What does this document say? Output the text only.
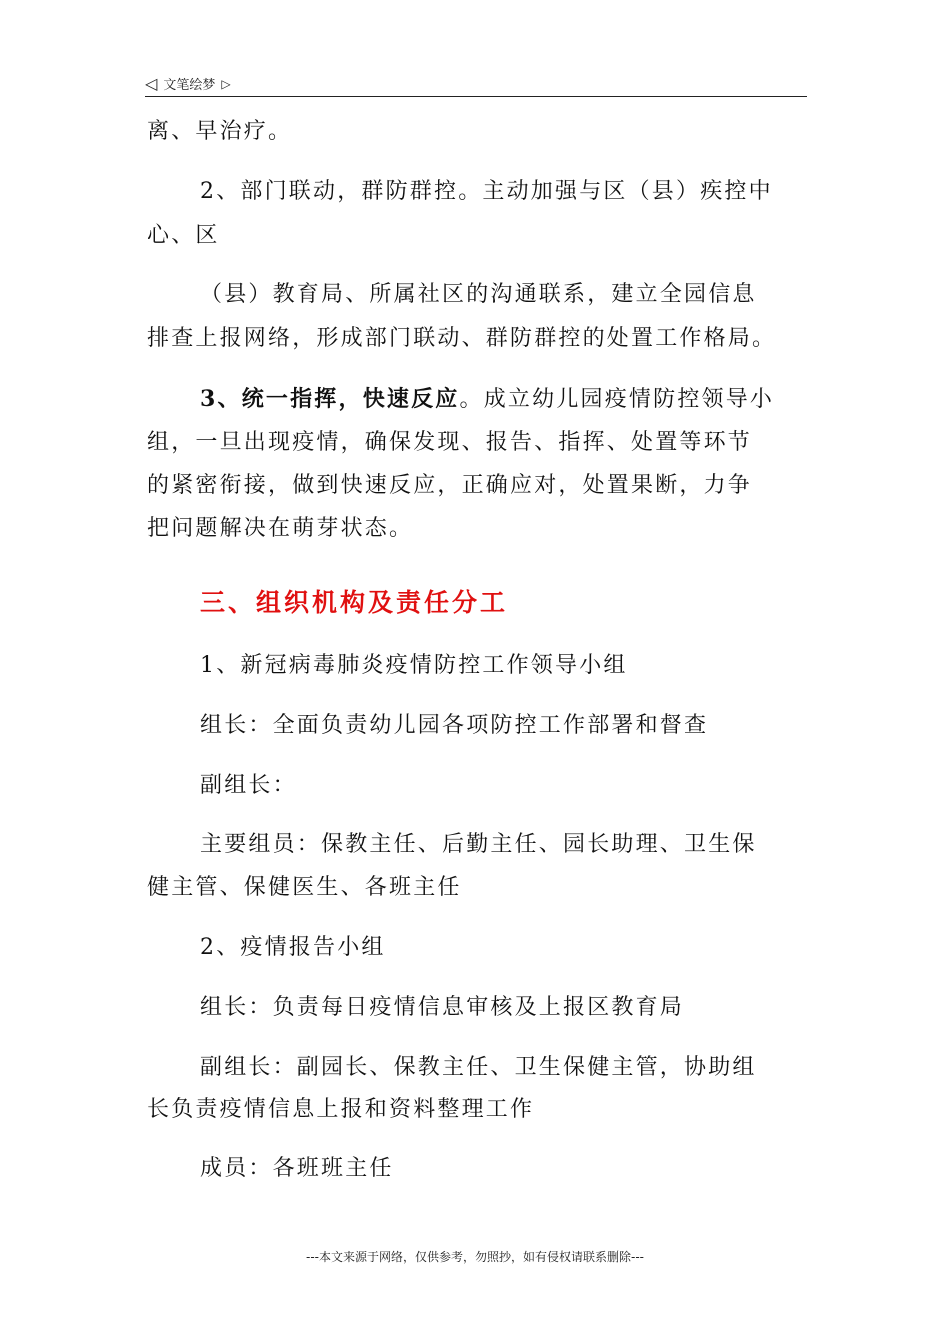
◁ 文笔绘梦 ▷
离、早治疗。
2、部门联动，群防群控。主动加强与区（县）疾控中
心、区
（县）教育局、所属社区的沟通联系，建立全园信息
排查上报网络，形成部门联动、群防群控的处置工作格局。
3、统一指挥，快速反应。成立幼儿园疫情防控领导小
组，一旦出现疫情，确保发现、报告、指挥、处置等环节
的紧密衔接，做到快速反应，正确应对，处置果断，力争
把问题解决在萌芽状态。
三、组织机构及责任分工
1、新冠病毒肺炎疫情防控工作领导小组
组长：全面负责幼儿园各项防控工作部署和督查
副组长：
主要组员：保教主任、后勤主任、园长助理、卫生保
健主管、保健医生、各班主任
2、疫情报告小组
组长：负责每日疫情信息审核及上报区教育局
副组长：副园长、保教主任、卫生保健主管，协助组
长负责疫情信息上报和资料整理工作
成员：各班班主任
---本文来源于网络，仅供参考，勿照抄，如有侵权请联系删除---
